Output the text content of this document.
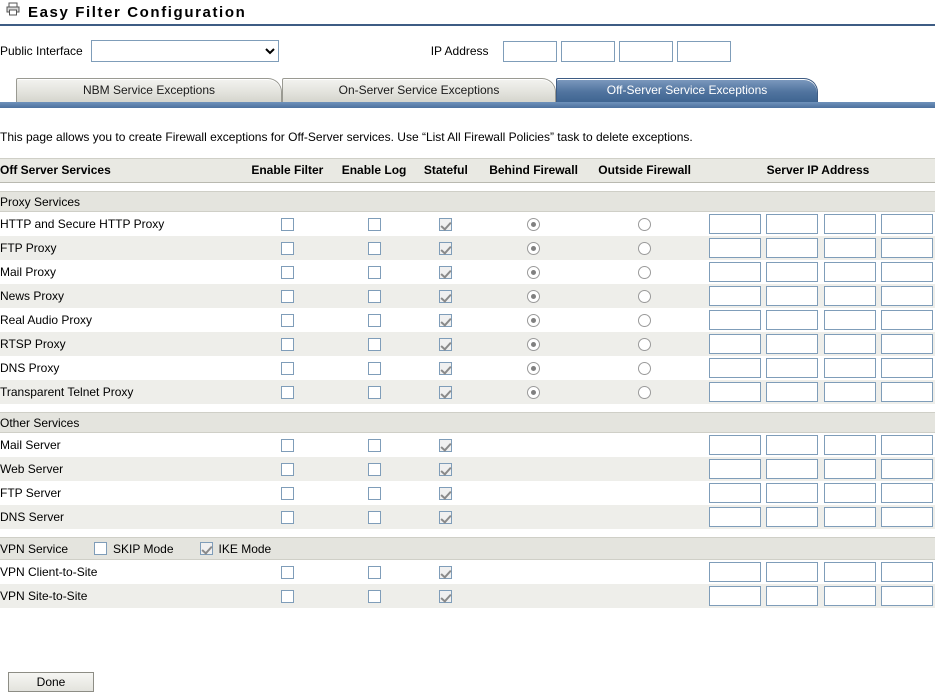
Easy Filter Configuration
Public Interface	IP Address
NBM Service Exceptions	On-Server Service Exceptions	Off-Server Service Exceptions
This page allows you to create Firewall exceptions for Off-Server services. Use “List All Firewall Policies” task to delete exceptions.
Off Server Services	Enable Filter	Enable Log	Stateful	Behind Firewall	Outside Firewall	Server IP Address

Proxy Services						
HTTP and Secure HTTP Proxy						
FTP Proxy						
Mail Proxy						
News Proxy						
Real Audio Proxy						
RTSP Proxy						
DNS Proxy						
Transparent Telnet Proxy						

Other Services						
Mail Server						
Web Server						
FTP Server						
DNS Server						

VPN Service SKIP Mode IKE Mode						

VPN Client-to-Site						
VPN Site-to-Site						
Done
